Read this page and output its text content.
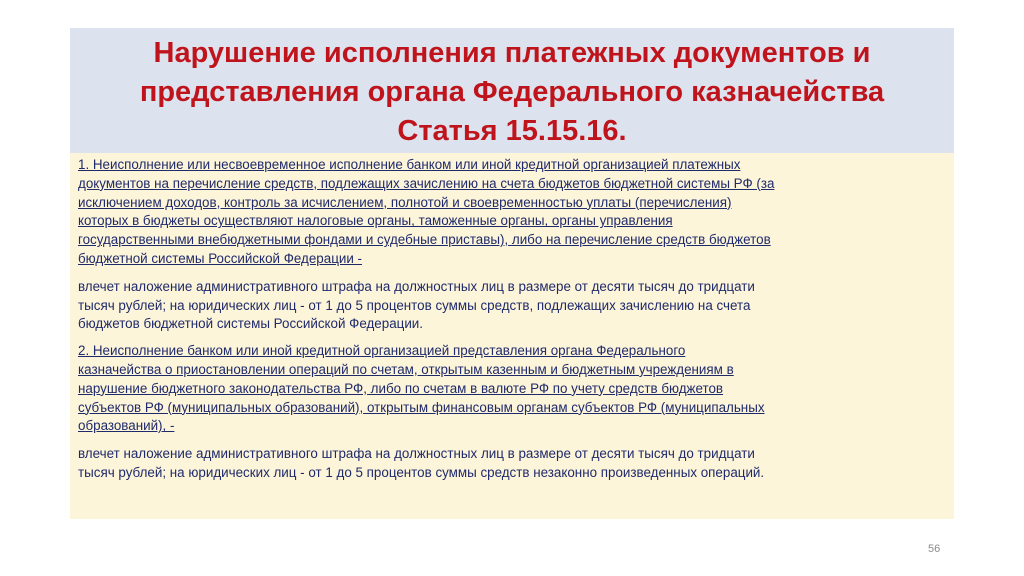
Нарушение исполнения платежных документов и
представления органа Федерального казначейства
Статья 15.15.16.
1. Неисполнение или несвоевременное исполнение банком или иной кредитной организацией платежных
документов на перечисление средств, подлежащих зачислению на счета бюджетов бюджетной системы РФ (за
исключением доходов, контроль за исчислением, полнотой и своевременностью уплаты (перечисления)
которых в бюджеты осуществляют налоговые органы, таможенные органы, органы управления
государственными внебюджетными фондами и судебные приставы), либо на перечисление средств бюджетов
бюджетной системы Российской Федерации -
влечет наложение административного штрафа на должностных лиц в размере от десяти тысяч до тридцати
тысяч рублей; на юридических лиц - от 1 до 5 процентов суммы средств, подлежащих зачислению на счета
бюджетов бюджетной системы Российской Федерации.
2. Неисполнение банком или иной кредитной организацией представления органа Федерального
казначейства о приостановлении операций по счетам, открытым казенным и бюджетным учреждениям в
нарушение бюджетного законодательства РФ, либо по счетам в валюте РФ по учету средств бюджетов
субъектов РФ (муниципальных образований), открытым финансовым органам субъектов РФ (муниципальных
образований), -
влечет наложение административного штрафа на должностных лиц в размере от десяти тысяч до тридцати
тысяч рублей; на юридических лиц - от 1 до 5 процентов суммы средств незаконно произведенных операций.
56
